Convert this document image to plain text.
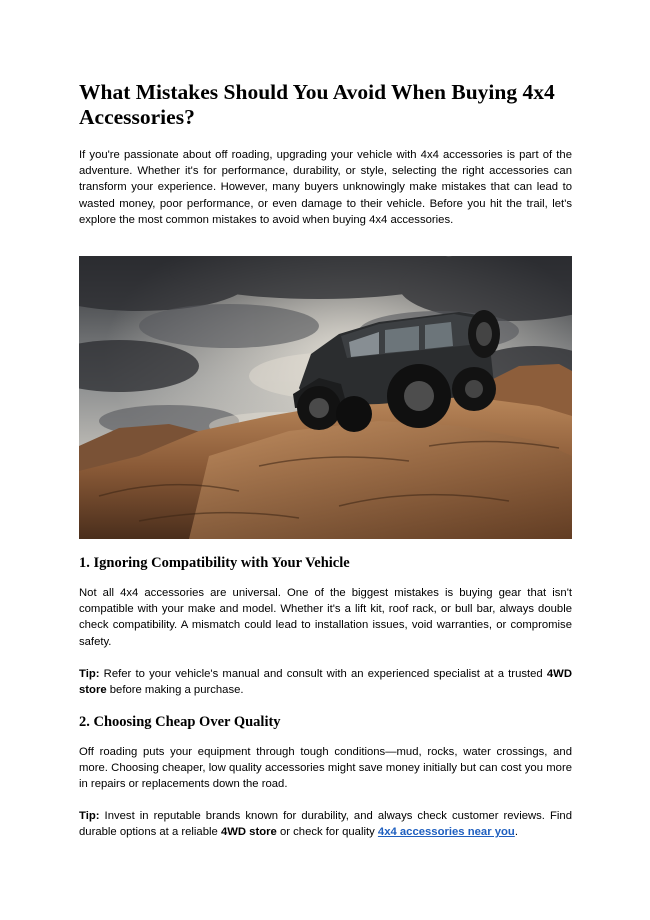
What Mistakes Should You Avoid When Buying 4x4 Accessories?

If you're passionate about off roading, upgrading your vehicle with 4x4 accessories is part of the adventure. Whether it's for performance, durability, or style, selecting the right accessories can transform your experience. However, many buyers unknowingly make mistakes that can lead to wasted money, poor performance, or even damage to their vehicle. Before you hit the trail, let's explore the most common mistakes to avoid when buying 4x4 accessories.

1. Ignoring Compatibility with Your Vehicle

Not all 4x4 accessories are universal. One of the biggest mistakes is buying gear that isn't compatible with your make and model. Whether it's a lift kit, roof rack, or bull bar, always double check compatibility. A mismatch could lead to installation issues, void warranties, or compromise safety.

Tip: Refer to your vehicle's manual and consult with an experienced specialist at a trusted 4WD store before making a purchase.

2. Choosing Cheap Over Quality

Off roading puts your equipment through tough conditions—mud, rocks, water crossings, and more. Choosing cheaper, low quality accessories might save money initially but can cost you more in repairs or replacements down the road.

Tip: Invest in reputable brands known for durability, and always check customer reviews. Find durable options at a reliable 4WD store or check for quality 4x4 accessories near you.
